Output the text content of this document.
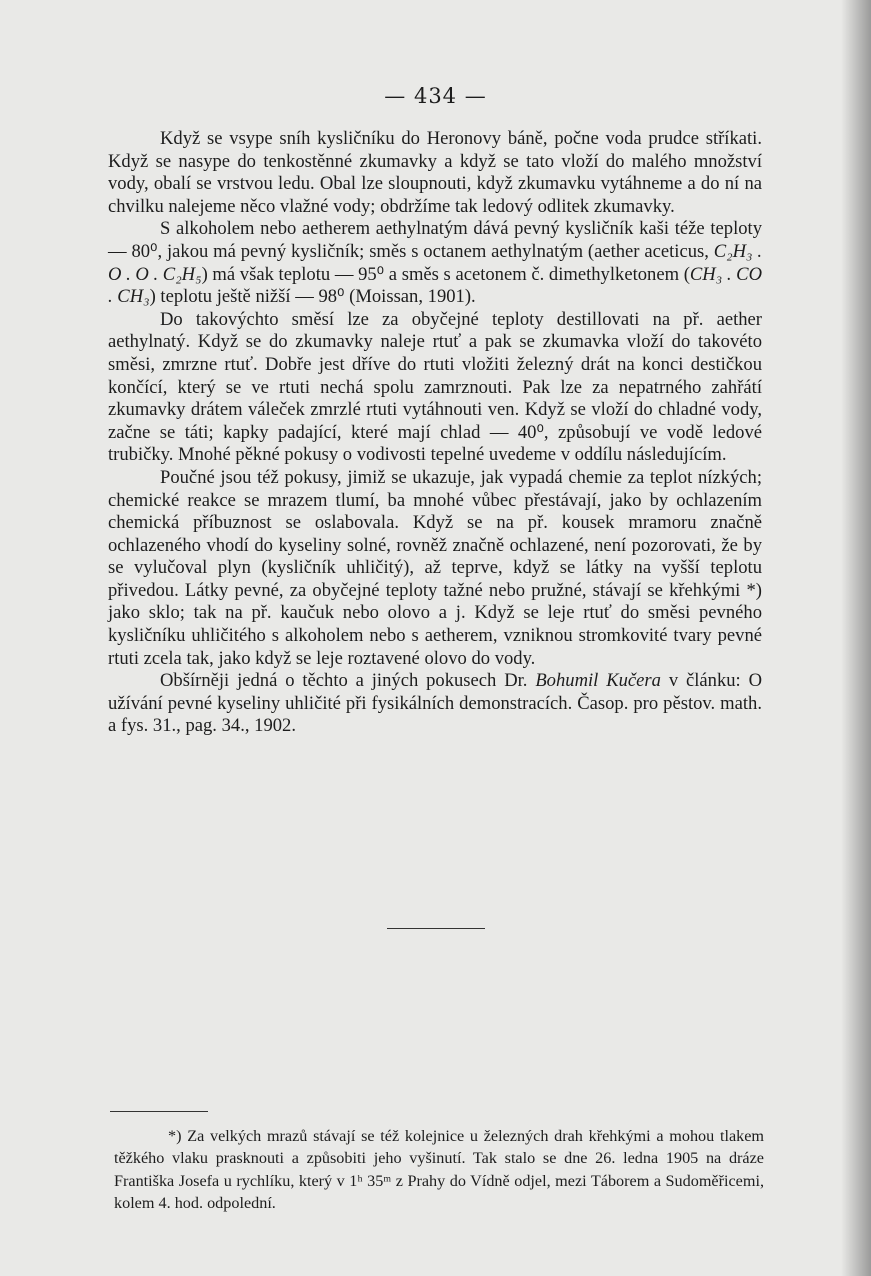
— 434 —

Když se vsype sníh kysličníku do Heronovy báně, počne voda prudce stříkati. Když se nasype do tenkostěnné zkumavky a když se tato vloží do malého množství vody, obalí se vrstvou ledu. Obal lze sloupnouti, když zkumavku vytáhneme a do ní na chvilku nalejeme něco vlažné vody; obdržíme tak ledový odlitek zkumavky.

S alkoholem nebo aetherem aethylnatým dává pevný kysličník kaši téže teploty — 80⁰, jakou má pevný kysličník; směs s octanem aethylnatým (aether aceticus, C₂H₃ . O . O . C₂H₅) má však teplotu — 95⁰ a směs s acetonem č. dimethylketonem (CH₃ . CO . CH₃) teplotu ještě nižší — 98⁰ (Moissan, 1901).

Do takovýchto směsí lze za obyčejné teploty destillovati na př. aether aethylnatý. Když se do zkumavky naleje rtuť a pak se zkumavka vloží do takovéto směsi, zmrzne rtuť. Dobře jest dříve do rtuti vložiti železný drát na konci destičkou končící, který se ve rtuti nechá spolu zamrznouti. Pak lze za nepatrného zahřátí zkumavky drátem váleček zmrzlé rtuti vytáhnouti ven. Když se vloží do chladné vody, začne se táti; kapky padající, které mají chlad — 40⁰, způsobují ve vodě ledové trubičky. Mnohé pěkné pokusy o vodivosti tepelné uvedeme v oddílu následujícím.

Poučné jsou též pokusy, jimiž se ukazuje, jak vypadá chemie za teplot nízkých; chemické reakce se mrazem tlumí, ba mnohé vůbec přestávají, jako by ochlazením chemická příbuznost se oslabovala. Když se na př. kousek mramoru značně ochlazeného vhodí do kyseliny solné, rovněž značně ochlazené, není pozorovati, že by se vylučoval plyn (kysličník uhličitý), až teprve, když se látky na vyšší teplotu přivedou. Látky pevné, za obyčejné teploty tažné nebo pružné, stávají se křehkými *) jako sklo; tak na př. kaučuk nebo olovo a j. Když se leje rtuť do směsi pevného kysličníku uhličitého s alkoholem nebo s aetherem, vzniknou stromkovité tvary pevné rtuti zcela tak, jako když se leje roztavené olovo do vody.

Obšírněji jedná o těchto a jiných pokusech Dr. Bohumil Kučera v článku: O užívání pevné kyseliny uhličité při fysikálních demonstracích. Časop. pro pěstov. math. a fys. 31., pag. 34., 1902.

*) Za velkých mrazů stávají se též kolejnice u železných drah křehkými a mohou tlakem těžkého vlaku prasknouti a způsobiti jeho vyšinutí. Tak stalo se dne 26. ledna 1905 na dráze Františka Josefa u rychlíku, který v 1ʰ 35ᵐ z Prahy do Vídně odjel, mezi Táborem a Sudoměřicemi, kolem 4. hod. odpolední.
